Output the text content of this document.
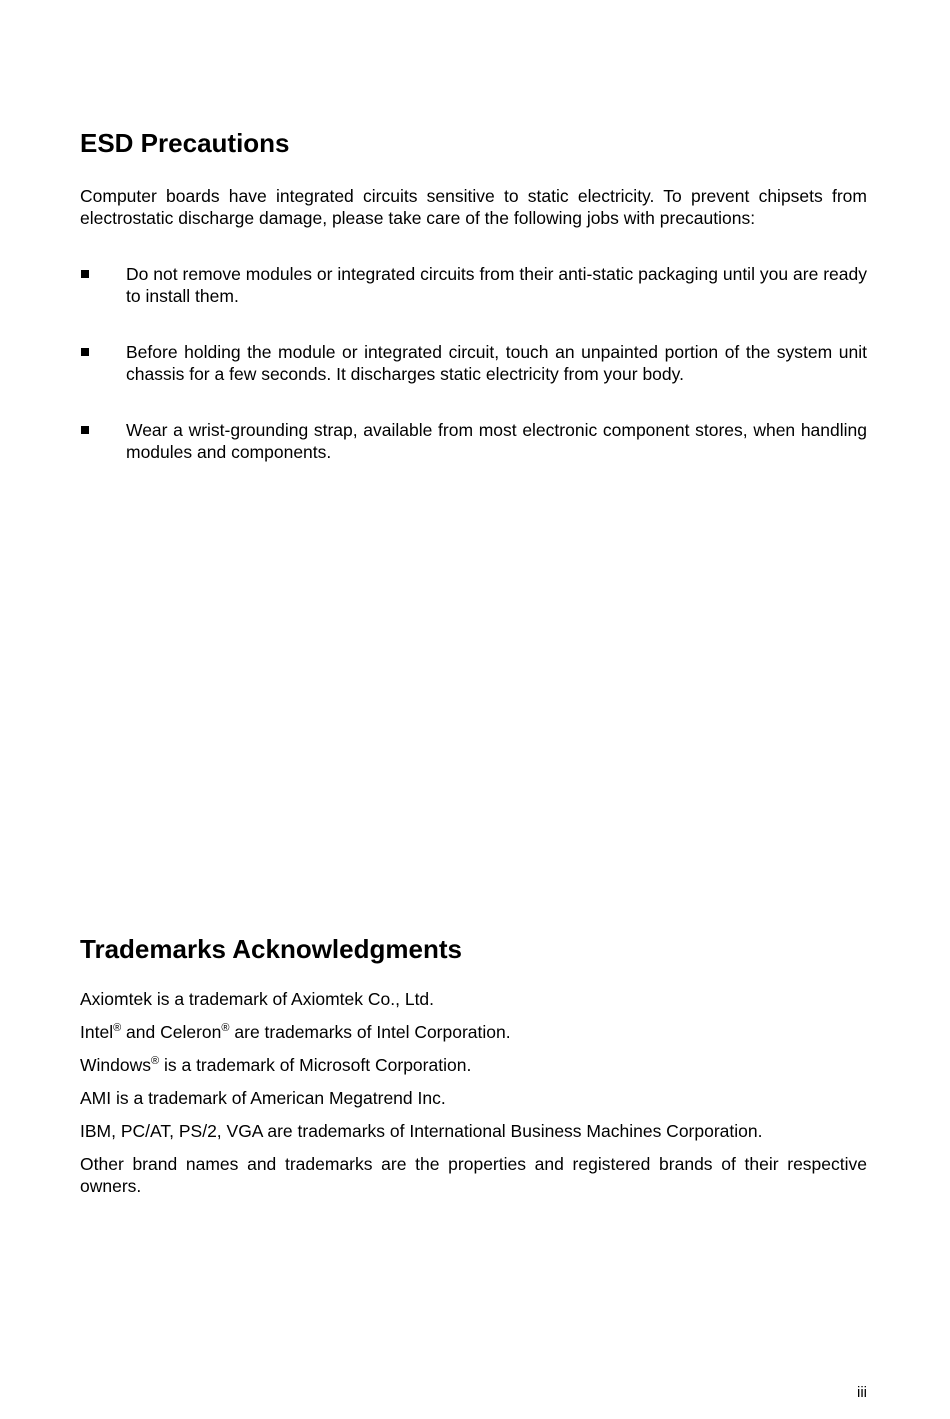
ESD Precautions

Computer boards have integrated circuits sensitive to static electricity. To prevent chipsets from electrostatic discharge damage, please take care of the following jobs with precautions:

Do not remove modules or integrated circuits from their anti-static packaging until you are ready to install them.
Before holding the module or integrated circuit, touch an unpainted portion of the system unit chassis for a few seconds. It discharges static electricity from your body.
Wear a wrist-grounding strap, available from most electronic component stores, when handling modules and components.
Trademarks Acknowledgments

Axiomtek is a trademark of Axiomtek Co., Ltd.

Intel® and Celeron® are trademarks of Intel Corporation.

Windows® is a trademark of Microsoft Corporation.

AMI is a trademark of American Megatrend Inc.

IBM, PC/AT, PS/2, VGA are trademarks of International Business Machines Corporation.

Other brand names and trademarks are the properties and registered brands of their respective owners.

iii
